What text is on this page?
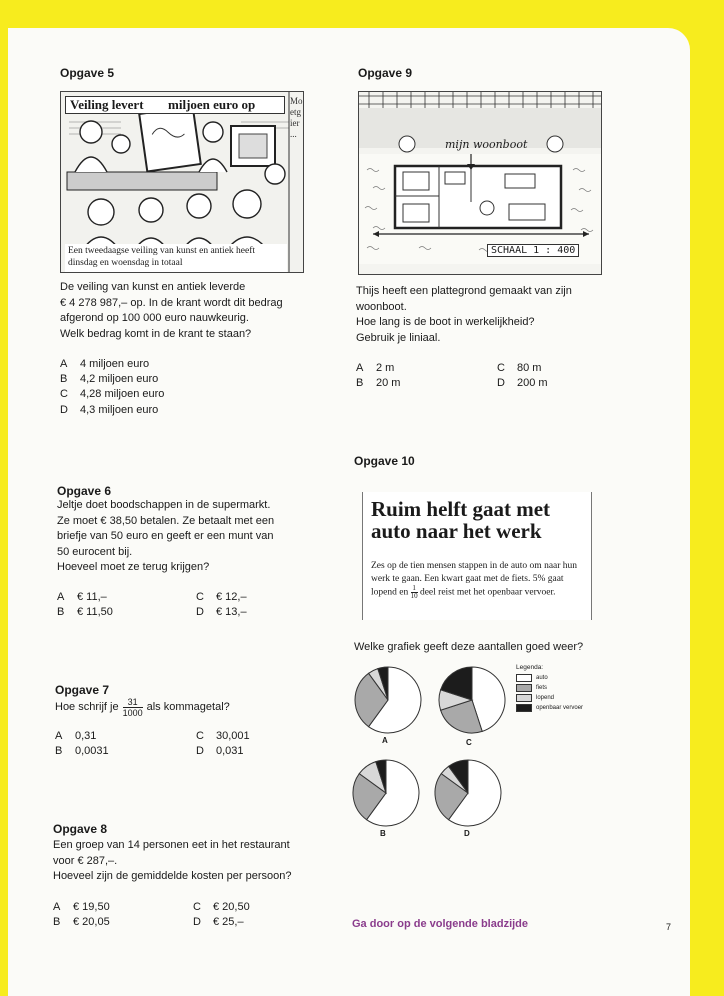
Opgave 5
Veiling levert miljoen euro op	Moetgier ...
Een tweedaagse veiling van kunst en antiek heeft dinsdag en woensdag in totaal
De veiling van kunst en antiek leverde
€ 4 278 987,– op. In de krant wordt dit bedrag
afgerond op 100 000 euro nauwkeurig.
Welk bedrag komt in de krant te staan?
A	4 miljoen euro
B	4,2 miljoen euro
C	4,28 miljoen euro
D	4,3 miljoen euro
Opgave 6
Jeltje doet boodschappen in de supermarkt.
Ze moet € 38,50 betalen. Ze betaalt met een
briefje van 50 euro en geeft er een munt van
50 eurocent bij.
Hoeveel moet ze terug krijgen?
A	€ 11,–
B	€ 11,50
C	€ 12,–
D	€ 13,–
Opgave 7
Hoe schrijf je $\frac{31}{1000}$ als kommagetal?
A	0,31
B	0,0031
C	30,001
D	0,031
Opgave 8
Een groep van 14 personen eet in het restaurant
voor € 287,–.
Hoeveel zijn de gemiddelde kosten per persoon?
A	€ 19,50
B	€ 20,05
C	€ 20,50
D	€ 25,–
Opgave 9
mijn woonboot
SCHAAL 1 : 400
Thijs heeft een plattegrond gemaakt van zijn
woonboot.
Hoe lang is de boot in werkelijkheid?
Gebruik je liniaal.
A	2 m
B	20 m
C	80 m
D	200 m
Opgave 10
Ruim helft gaat met
auto naar het werk
Zes op de tien mensen stappen in de auto om naar hun werk te gaan. Een kwart gaat met de fiets. 5% gaat lopend en $\frac{1}{10}$ deel reist met het openbaar vervoer.
Welke grafiek geeft deze aantallen goed weer?
A	C
B	D
Legenda:
auto
fiets
lopend
openbaar vervoer
Ga door op de volgende bladzijde	7
